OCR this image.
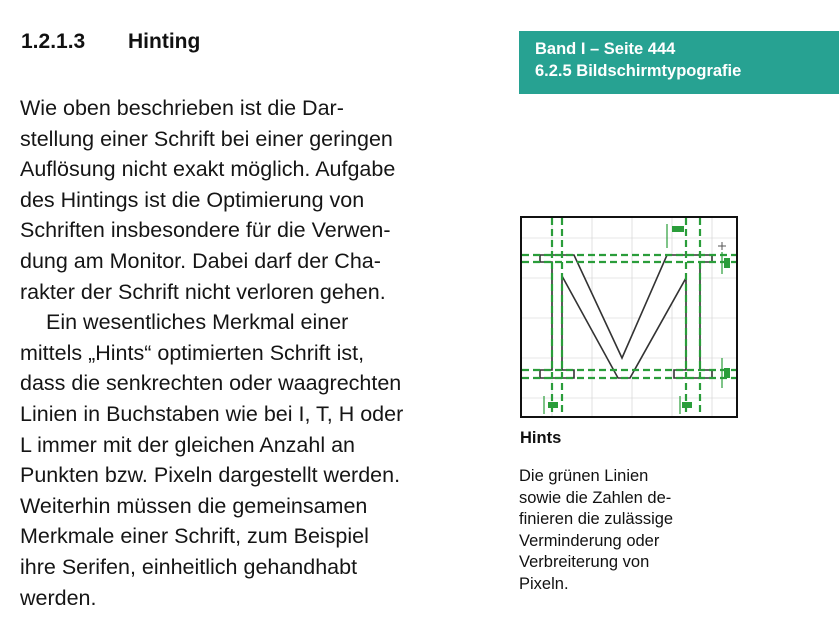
1.2.1.3 Hinting
Wie oben beschrieben ist die Dar-
stellung einer Schrift bei einer geringen
Auflösung nicht exakt möglich. Aufgabe
des Hintings ist die Optimierung von
Schriften insbesondere für die Verwen-
dung am Monitor. Dabei darf der Cha-
rakter der Schrift nicht verloren gehen.
Ein wesentliches Merkmal einer
mittels „Hints“ optimierten Schrift ist,
dass die senkrechten oder waagrechten
Linien in Buchstaben wie bei I, T, H oder
L immer mit der gleichen Anzahl an
Punkten bzw. Pixeln dargestellt werden.
Weiterhin müssen die gemeinsamen
Merkmale einer Schrift, zum Beispiel
ihre Serifen, einheitlich gehandhabt
werden.
Band I – Seite 444
6.2.5 Bildschirmtypografie
Hints
Die grünen Linien
sowie die Zahlen de-
finieren die zulässige
Verminderung oder
Verbreiterung von
Pixeln.
